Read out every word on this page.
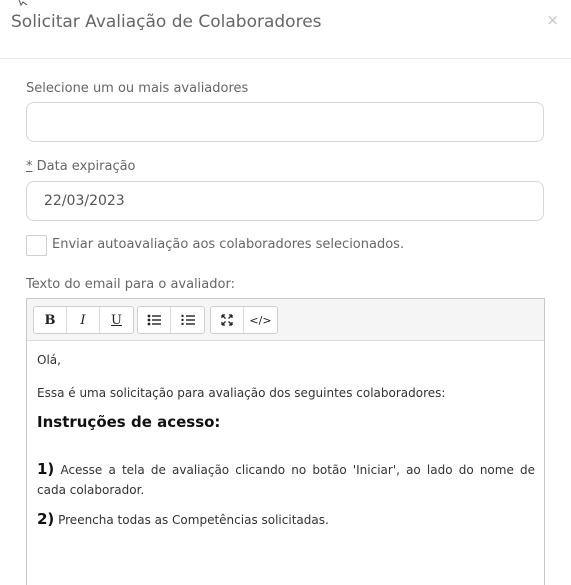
Solicitar Avaliação de Colaboradores	×
Selecione um ou mais avaliadores
* Data expiração
22/03/2023
Enviar autoavaliação aos colaboradores selecionados.
Texto do email para o avaliador:
B	I	U	</>
Olá,
Essa é uma solicitação para avaliação dos seguintes colaboradores:
Instruções de acesso:
1) Acesse a tela de avaliação clicando no botão 'Iniciar', ao lado do nome de cada colaborador.
2) Preencha todas as Competências solicitadas.
